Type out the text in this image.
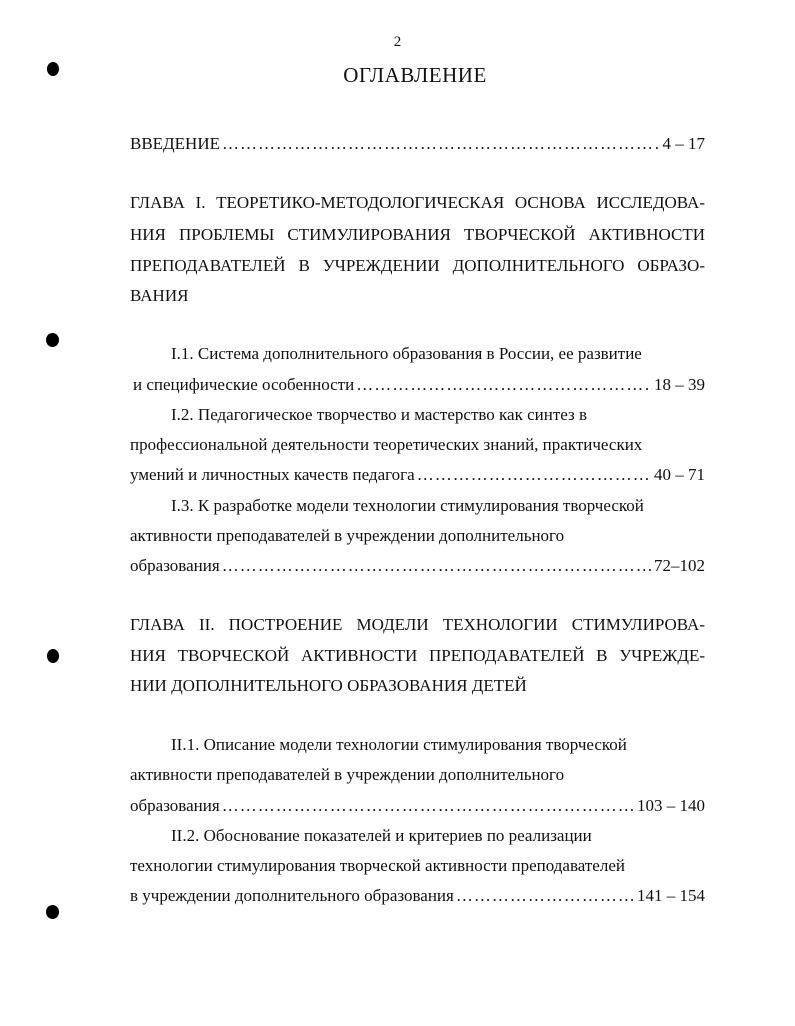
2
ОГЛАВЛЕНИЕ
ВВЕДЕНИЕ ……………………………………………………………………………………………………………………………………………………………	4 – 17
ГЛАВА I. ТЕОРЕТИКО-МЕТОДОЛОГИЧЕСКАЯ ОСНОВА ИССЛЕДОВА-
НИЯ ПРОБЛЕМЫ СТИМУЛИРОВАНИЯ ТВОРЧЕСКОЙ АКТИВНОСТИ
ПРЕПОДАВАТЕЛЕЙ В УЧРЕЖДЕНИИ ДОПОЛНИТЕЛЬНОГО ОБРАЗО-
ВАНИЯ
I.1. Система дополнительного образования в России, ее развитие
и специфические особенности ……………………………………………………………………………………………………………………………………………………………	18 – 39
I.2. Педагогическое творчество и мастерство как синтез в
профессиональной деятельности теоретических знаний, практических
умений и личностных качеств педагога ……………………………………………………………………………………………………………………………………………………………	40 – 71
I.3. К разработке модели технологии стимулирования творческой
активности преподавателей в учреждении дополнительного
образования ……………………………………………………………………………………………………………………………………………………………	72–102
ГЛАВА II. ПОСТРОЕНИЕ МОДЕЛИ ТЕХНОЛОГИИ СТИМУЛИРОВА-
НИЯ ТВОРЧЕСКОЙ АКТИВНОСТИ ПРЕПОДАВАТЕЛЕЙ В УЧРЕЖДЕ-
НИИ ДОПОЛНИТЕЛЬНОГО ОБРАЗОВАНИЯ ДЕТЕЙ
II.1. Описание модели технологии стимулирования творческой
активности преподавателей в учреждении дополнительного
образования ……………………………………………………………………………………………………………………………………………………………	103 – 140
II.2. Обоснование показателей и критериев по реализации
технологии стимулирования творческой активности преподавателей
в учреждении дополнительного образования ……………………………………………………………………………………………………………………………………………………………	141 – 154
